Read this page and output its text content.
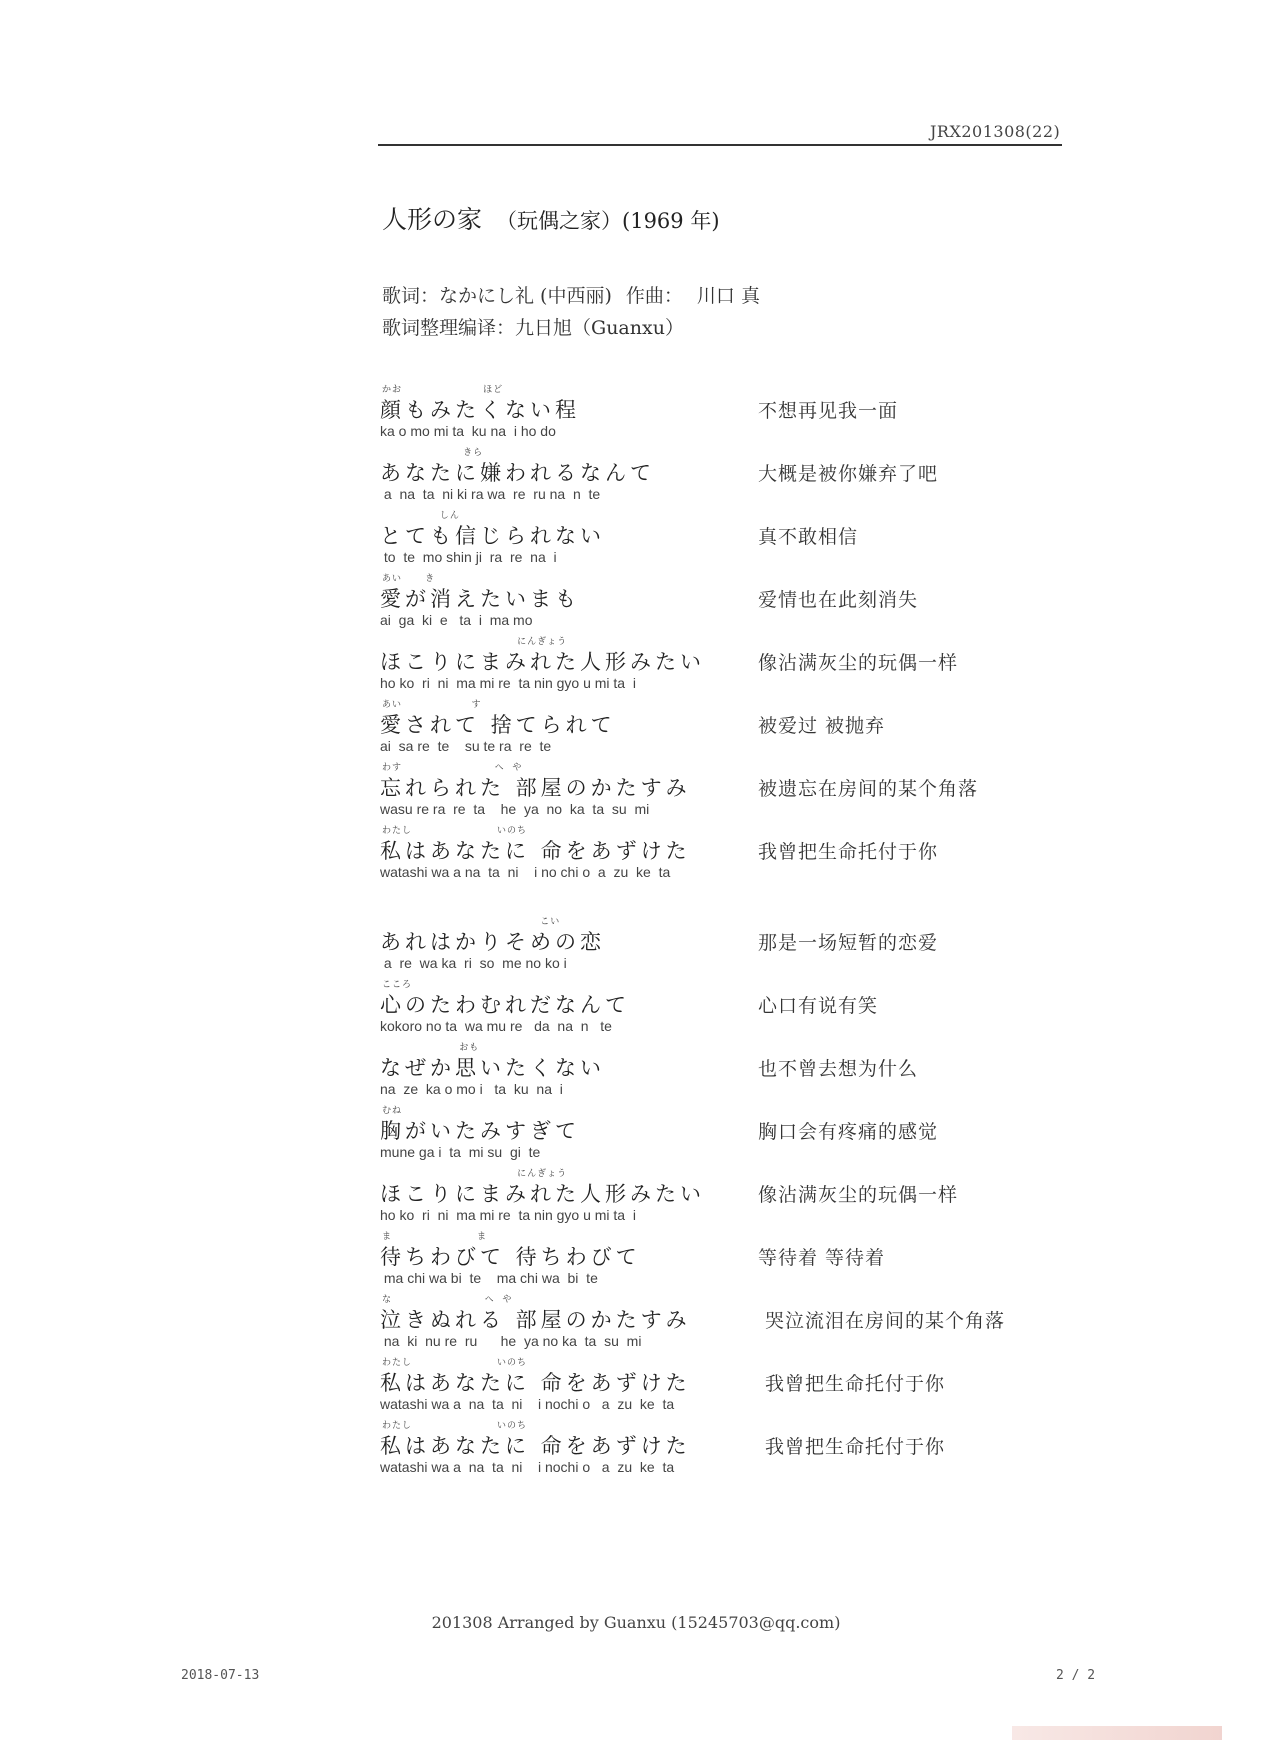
JRX201308(22)
人形の家 （玩偶之家）(1969 年)
歌词：なかにし礼 (中西丽) 作曲： 川口 真
歌词整理编译：九日旭（Guanxu）
かお                     ほど
顔もみたくない程
ka o mo mi ta  ku na  i ho do
不想再见我一面
きら
あなたに嫌われるなんて
a  na  ta  ni ki ra wa  re  ru na  n  te
大概是被你嫌弃了吧
しん
とても信じられない
to  te  mo shin ji  ra  re  na  i
真不敢相信
あい      き
愛が消えたいまも
ai  ga  ki  e   ta  i  ma mo
爱情也在此刻消失
にんぎょう
ほこりにまみれた人形みたい
ho ko  ri  ni  ma mi re  ta nin gyo u mi ta  i
像沾满灰尘的玩偶一样
あい                  す
愛されて 捨てられて
ai  sa re  te    su te ra  re  te
被爱过 被抛弃
わす                        へ  や
忘れられた 部屋のかたすみ
wasu re ra  re  ta    he  ya  no  ka  ta  su  mi
被遗忘在房间的某个角落
わたし                      いのち
私はあなたに 命をあずけた
watashi wa a na  ta  ni    i no chi o  a  zu  ke  ta
我曾把生命托付于你
こい
あれはかりそめの恋
a  re  wa ka  ri  so  me no ko i
那是一场短暂的恋爱
こころ
心のたわむれだなんて
kokoro no ta  wa mu re   da  na  n   te
心口有说有笑
おも
なぜか思いたくない
na  ze  ka o mo i   ta  ku  na  i
也不曾去想为什么
むね
胸がいたみすぎて
mune ga i  ta  mi su  gi  te
胸口会有疼痛的感觉
にんぎょう
ほこりにまみれた人形みたい
ho ko  ri  ni  ma mi re  ta nin gyo u mi ta  i
像沾满灰尘的玩偶一样
ま                      ま
待ちわびて 待ちわびて
ma chi wa bi  te    ma chi wa  bi  te
等待着 等待着
な                        へ  や
泣きぬれる 部屋のかたすみ
na  ki  nu re  ru      he  ya no ka  ta  su  mi
哭泣流泪在房间的某个角落
わたし                      いのち
私はあなたに 命をあずけた
watashi wa a  na  ta  ni    i nochi o   a  zu  ke  ta
我曾把生命托付于你
わたし                      いのち
私はあなたに 命をあずけた
watashi wa a  na  ta  ni    i nochi o   a  zu  ke  ta
我曾把生命托付于你
201308 Arranged by Guanxu (15245703@qq.com)
2018-07-13	2 / 2
